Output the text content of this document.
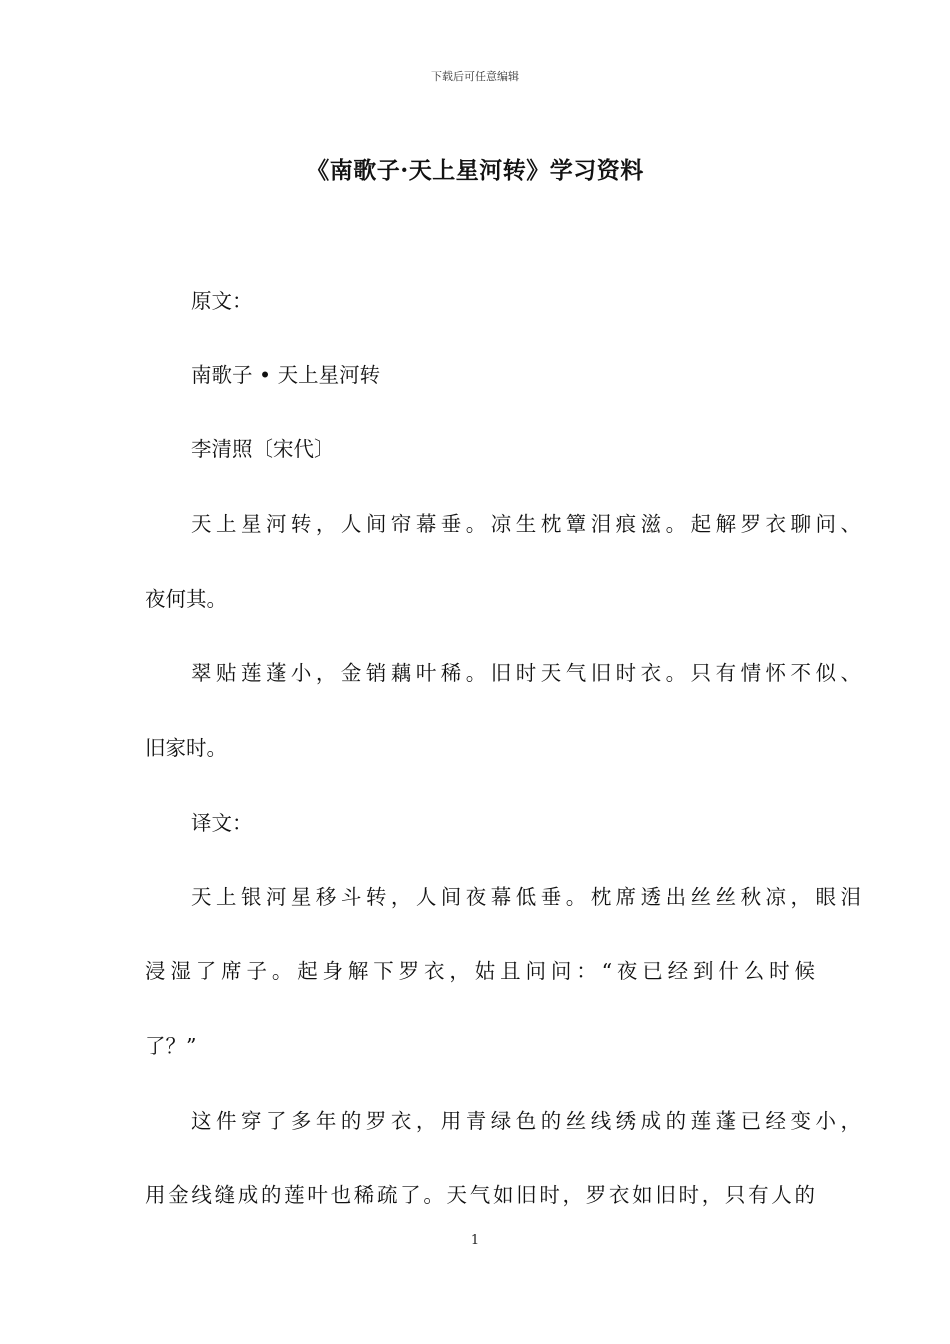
下载后可任意编辑
《南歌子·天上星河转》学习资料
原文：
南歌子 • 天上星河转
李清照〔宋代〕
天上星河转，人间帘幕垂。凉生枕簟泪痕滋。起解罗衣聊问、
夜何其。
翠贴莲蓬小，金销藕叶稀。旧时天气旧时衣。只有情怀不似、
旧家时。
译文：
天上银河星移斗转，人间夜幕低垂。枕席透出丝丝秋凉，眼泪
浸湿了席子。起身解下罗衣，姑且问问：“夜已经到什么时候
了？”
这件穿了多年的罗衣，用青绿色的丝线绣成的莲蓬已经变小，
用金线缝成的莲叶也稀疏了。天气如旧时，罗衣如旧时，只有人的
1
